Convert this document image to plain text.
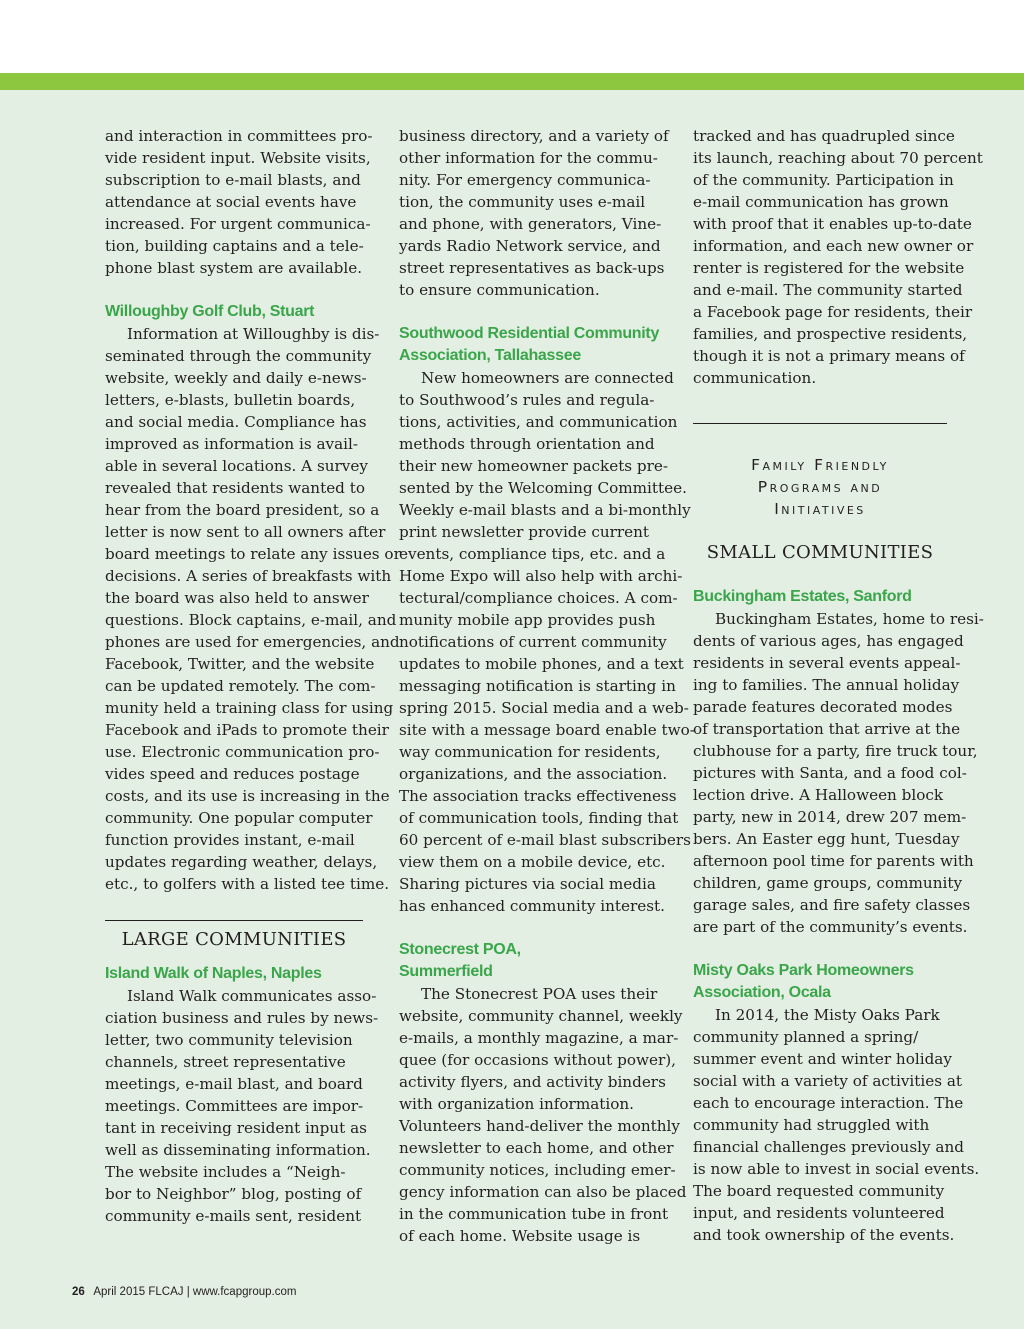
and interaction in committees pro-
vide resident input. Website visits,
subscription to e-mail blasts, and
attendance at social events have
increased. For urgent communica-
tion, building captains and a tele-
phone blast system are available.
Willoughby Golf Club, Stuart
Information at Willoughby is dis-
seminated through the community
website, weekly and daily e-news-
letters, e-blasts, bulletin boards,
and social media. Compliance has
improved as information is avail-
able in several locations. A survey
revealed that residents wanted to
hear from the board president, so a
letter is now sent to all owners after
board meetings to relate any issues or
decisions. A series of breakfasts with
the board was also held to answer
questions. Block captains, e-mail, and
phones are used for emergencies, and
Facebook, Twitter, and the website
can be updated remotely. The com-
munity held a training class for using
Facebook and iPads to promote their
use. Electronic communication pro-
vides speed and reduces postage
costs, and its use is increasing in the
community. One popular computer
function provides instant, e-mail
updates regarding weather, delays,
etc., to golfers with a listed tee time.
LARGE COMMUNITIES
Island Walk of Naples, Naples
Island Walk communicates asso-
ciation business and rules by news-
letter, two community television
channels, street representative
meetings, e-mail blast, and board
meetings. Committees are impor-
tant in receiving resident input as
well as disseminating information.
The website includes a “Neigh-
bor to Neighbor” blog, posting of
community e-mails sent, resident
business directory, and a variety of
other information for the commu-
nity. For emergency communica-
tion, the community uses e-mail
and phone, with generators, Vine-
yards Radio Network service, and
street representatives as back-ups
to ensure communication.
Southwood Residential Community
Association, Tallahassee
New homeowners are connected
to Southwood’s rules and regula-
tions, activities, and communication
methods through orientation and
their new homeowner packets pre-
sented by the Welcoming Committee.
Weekly e-mail blasts and a bi-monthly
print newsletter provide current
events, compliance tips, etc. and a
Home Expo will also help with archi-
tectural/compliance choices. A com-
munity mobile app provides push
notifications of current community
updates to mobile phones, and a text
messaging notification is starting in
spring 2015. Social media and a web-
site with a message board enable two-
way communication for residents,
organizations, and the association.
The association tracks effectiveness
of communication tools, finding that
60 percent of e-mail blast subscribers
view them on a mobile device, etc.
Sharing pictures via social media
has enhanced community interest.
Stonecrest POA,
Summerfield
The Stonecrest POA uses their
website, community channel, weekly
e-mails, a monthly magazine, a mar-
quee (for occasions without power),
activity flyers, and activity binders
with organization information.
Volunteers hand-deliver the monthly
newsletter to each home, and other
community notices, including emer-
gency information can also be placed
in the communication tube in front
of each home. Website usage is
tracked and has quadrupled since
its launch, reaching about 70 percent
of the community. Participation in
e-mail communication has grown
with proof that it enables up-to-date
information, and each new owner or
renter is registered for the website
and e-mail. The community started
a Facebook page for residents, their
families, and prospective residents,
though it is not a primary means of
communication.
Family Friendly
Programs and
Initiatives
SMALL COMMUNITIES
Buckingham Estates, Sanford
Buckingham Estates, home to resi-
dents of various ages, has engaged
residents in several events appeal-
ing to families. The annual holiday
parade features decorated modes
of transportation that arrive at the
clubhouse for a party, fire truck tour,
pictures with Santa, and a food col-
lection drive. A Halloween block
party, new in 2014, drew 207 mem-
bers. An Easter egg hunt, Tuesday
afternoon pool time for parents with
children, game groups, community
garage sales, and fire safety classes
are part of the community’s events.
Misty Oaks Park Homeowners
Association, Ocala
In 2014, the Misty Oaks Park
community planned a spring/
summer event and winter holiday
social with a variety of activities at
each to encourage interaction. The
community had struggled with
financial challenges previously and
is now able to invest in social events.
The board requested community
input, and residents volunteered
and took ownership of the events.
26 April 2015 FLCAJ | www.fcapgroup.com
